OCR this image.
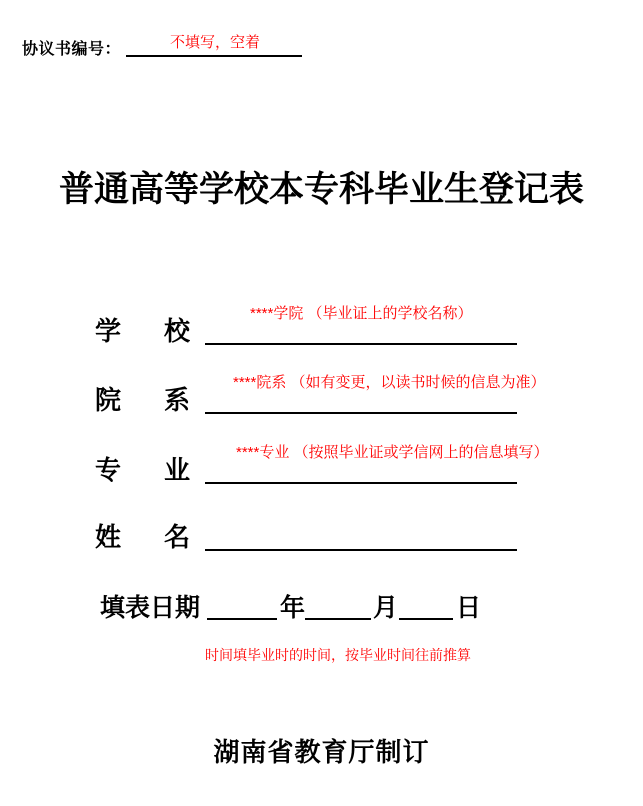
协议书编号：	不填写，空着
普通高等学校本专科毕业生登记表
学 校
****学院 （毕业证上的学校名称）
院 系
****院系 （如有变更，以读书时候的信息为准）
专 业
****专业 （按照毕业证或学信网上的信息填写）
姓 名
填表日期	年	月 日
时间填毕业时的时间，按毕业时间往前推算
湖南省教育厅制订
